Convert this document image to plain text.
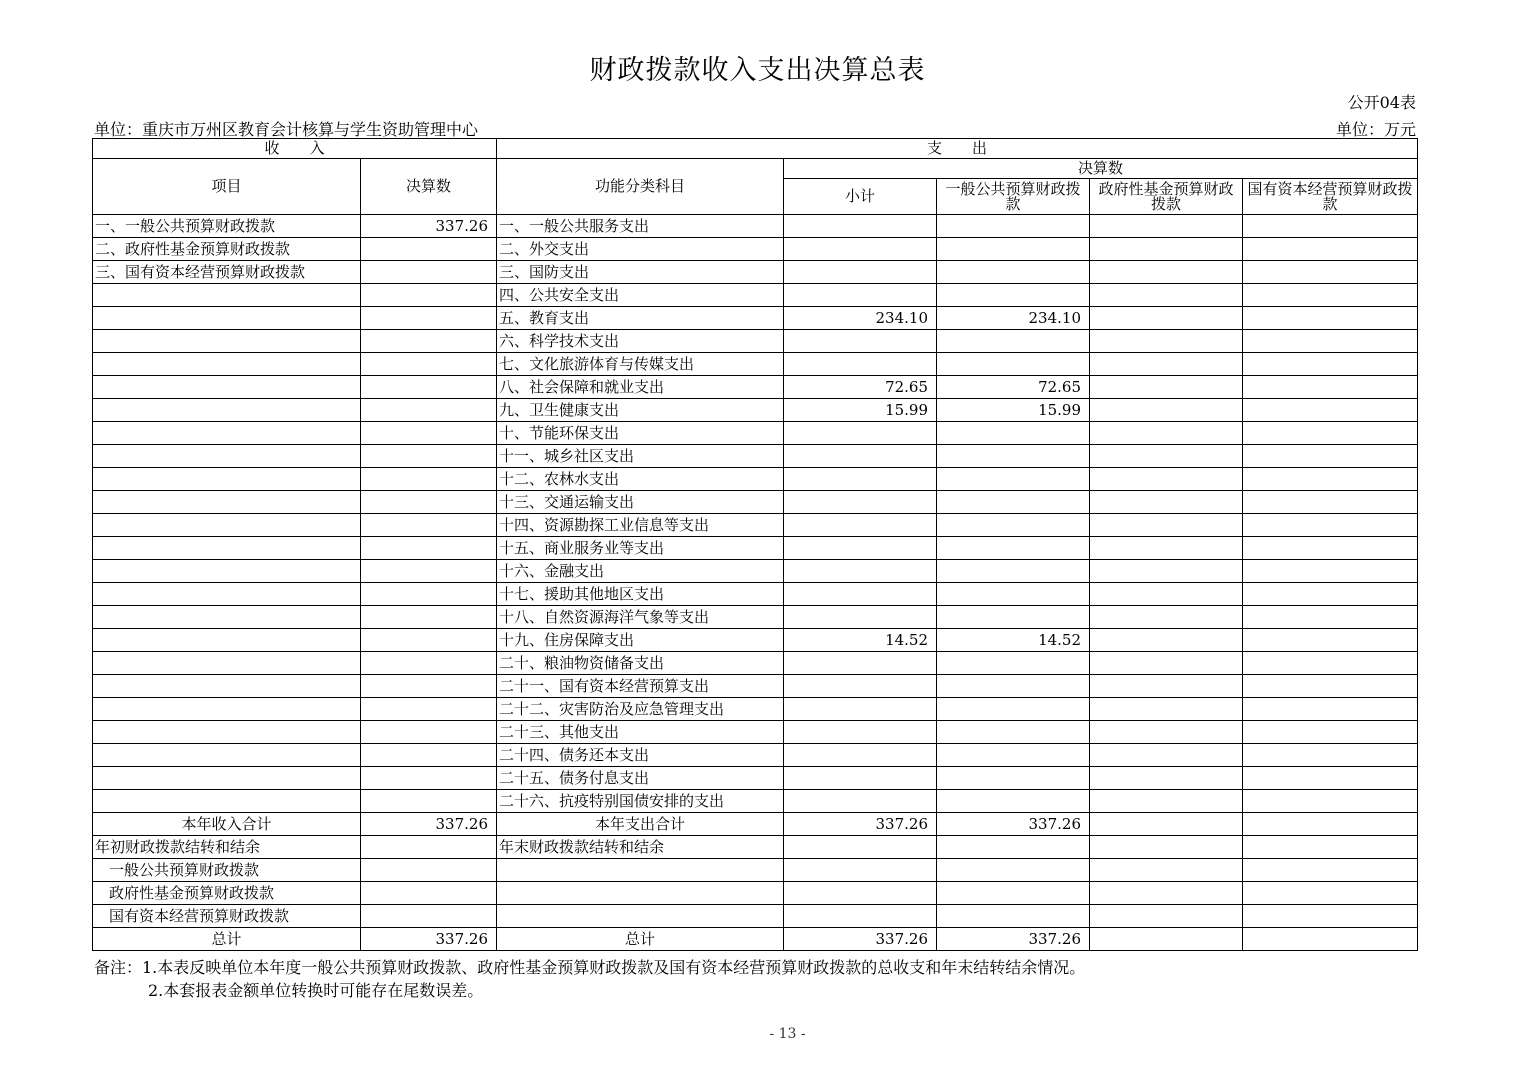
财政拨款收入支出决算总表
公开04表
单位：重庆市万州区教育会计核算与学生资助管理中心	单位：万元
收　　入		支　　出				
项目	决算数	功能分类科目	决算数			
			小计	一般公共预算财政拨款	政府性基金预算财政拨款	国有资本经营预算财政拨款
一、一般公共预算财政拨款	337.26	一、一般公共服务支出				
二、政府性基金预算财政拨款		二、外交支出				
三、国有资本经营预算财政拨款		三、国防支出				
		四、公共安全支出				
		五、教育支出	234.10	234.10		
		六、科学技术支出				
		七、文化旅游体育与传媒支出				
		八、社会保障和就业支出	72.65	72.65		
		九、卫生健康支出	15.99	15.99		
		十、节能环保支出				
		十一、城乡社区支出				
		十二、农林水支出				
		十三、交通运输支出				
		十四、资源勘探工业信息等支出				
		十五、商业服务业等支出				
		十六、金融支出				
		十七、援助其他地区支出				
		十八、自然资源海洋气象等支出				
		十九、住房保障支出	14.52	14.52		
		二十、粮油物资储备支出				
		二十一、国有资本经营预算支出				
		二十二、灾害防治及应急管理支出				
		二十三、其他支出				
		二十四、债务还本支出				
		二十五、债务付息支出				
		二十六、抗疫特别国债安排的支出				
本年收入合计	337.26	本年支出合计	337.26	337.26		
年初财政拨款结转和结余		年末财政拨款结转和结余				
一般公共预算财政拨款						
政府性基金预算财政拨款						
国有资本经营预算财政拨款						
总计	337.26	总计	337.26	337.26		
备注：1.本表反映单位本年度一般公共预算财政拨款、政府性基金预算财政拨款及国有资本经营预算财政拨款的总收支和年末结转结余情况。
2.本套报表金额单位转换时可能存在尾数误差。
- 13 -
